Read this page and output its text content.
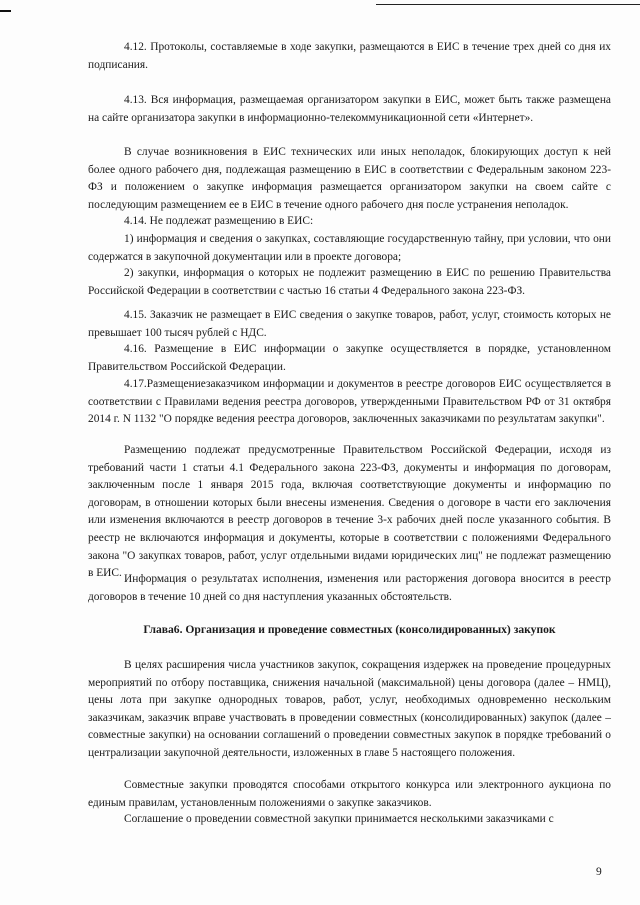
4.12. Протоколы, составляемые в ходе закупки, размещаются в ЕИС в течение трех дней со дня их подписания.

4.13. Вся информация, размещаемая организатором закупки в ЕИС, может быть также размещена на сайте организатора закупки в информационно-телекоммуникационной сети «Интернет».

В случае возникновения в ЕИС технических или иных неполадок, блокирующих доступ к ней более одного рабочего дня, подлежащая размещению в ЕИС в соответствии с Федеральным законом 223-ФЗ и положением о закупке информация размещается организатором закупки на своем сайте с последующим размещением ее в ЕИС в течение одного рабочего дня после устранения неполадок.

4.14. Не подлежат размещению в ЕИС:

1) информация и сведения о закупках, составляющие государственную тайну, при условии, что они содержатся в закупочной документации или в проекте договора;

2) закупки, информация о которых не подлежит размещению в ЕИС по решению Правительства Российской Федерации в соответствии с частью 16 статьи 4 Федерального закона 223-ФЗ.

4.15. Заказчик не размещает в ЕИС сведения о закупке товаров, работ, услуг, стоимость которых не превышает 100 тысяч рублей с НДС.

4.16. Размещение в ЕИС информации о закупке осуществляется в порядке, установленном Правительством Российской Федерации.

4.17.Размещениезаказчиком информации и документов в реестре договоров ЕИС осуществляется в соответствии с Правилами ведения реестра договоров, утвержденными Правительством РФ от 31 октября 2014 г. N 1132 "О порядке ведения реестра договоров, заключенных заказчиками по результатам закупки".

Размещению подлежат предусмотренные Правительством Российской Федерации, исходя из требований части 1 статьи 4.1 Федерального закона 223-ФЗ, документы и информация по договорам, заключенным после 1 января 2015 года, включая соответствующие документы и информацию по договорам, в отношении которых были внесены изменения. Сведения о договоре в части его заключения или изменения включаются в реестр договоров в течение 3-х рабочих дней после указанного события. В реестр не включаются информация и документы, которые в соответствии с положениями Федерального закона "О закупках товаров, работ, услуг отдельными видами юридических лиц" не подлежат размещению в ЕИС. Информация о результатах исполнения, изменения или расторжения договора вносится в реестр договоров в течение 10 дней со дня наступления указанных обстоятельств.

Глава6. Организация и проведение совместных (консолидированных) закупок

В целях расширения числа участников закупок, сокращения издержек на проведение процедурных мероприятий по отбору поставщика, снижения начальной (максимальной) цены договора (далее – НМЦ), цены лота при закупке однородных товаров, работ, услуг, необходимых одновременно нескольким заказчикам, заказчик вправе участвовать в проведении совместных (консолидированных) закупок (далее – совместные закупки) на основании соглашений о проведении совместных закупок в порядке требований о централизации закупочной деятельности, изложенных в главе 5 настоящего положения.

Совместные закупки проводятся способами открытого конкурса или электронного аукциона по единым правилам, установленным положениями о закупке заказчиков.

Соглашение о проведении совместной закупки принимается несколькими заказчиками с

9
